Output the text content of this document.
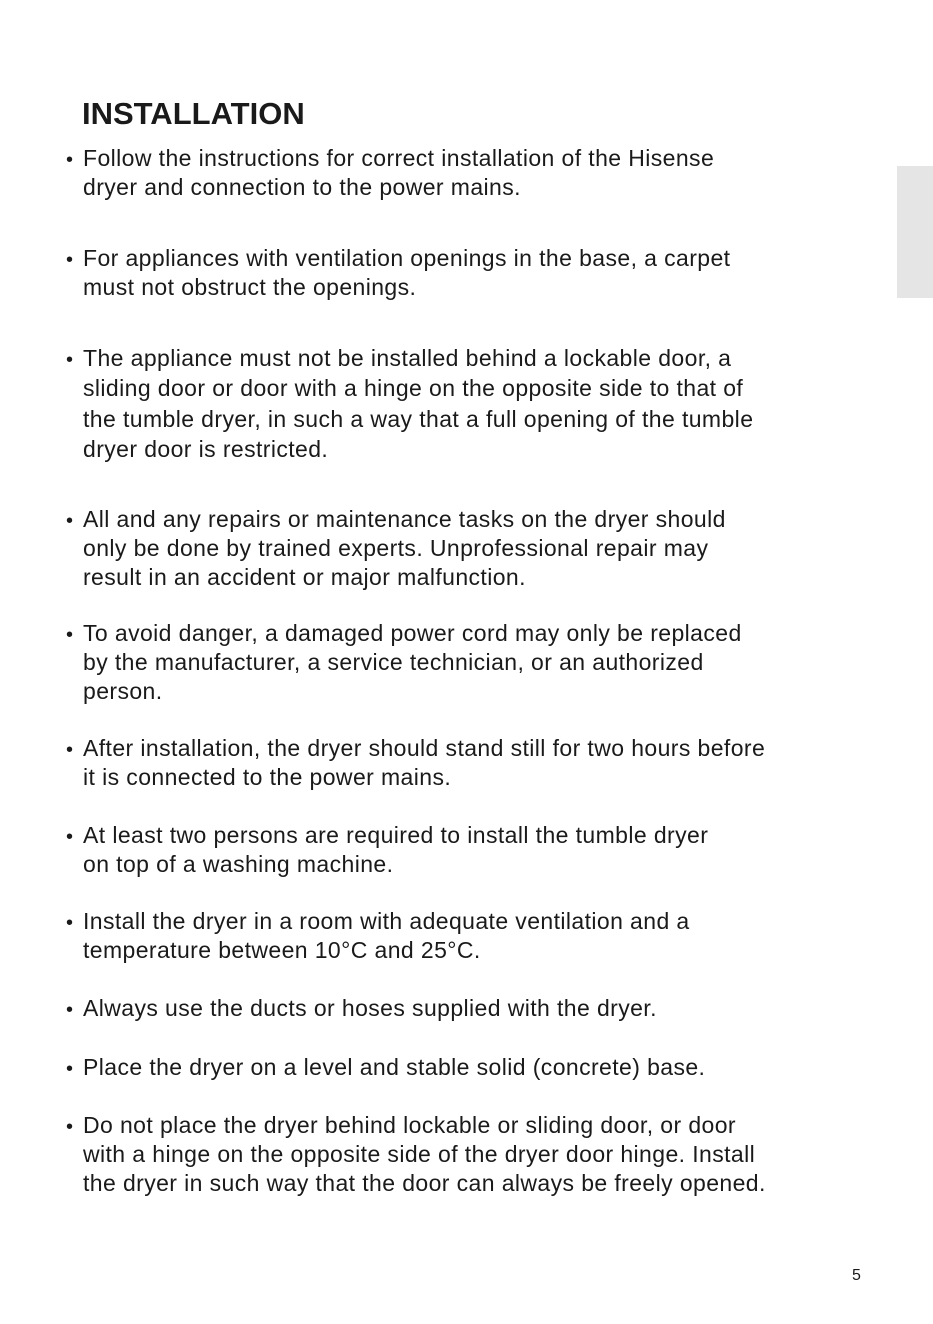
INSTALLATION
• Follow the instructions for correct installation of the Hisense
dryer and connection to the power mains.
• For appliances with ventilation openings in the base, a carpet
must not obstruct the openings.
• The appliance must not be installed behind a lockable door, a
sliding door or door with a hinge on the opposite side to that of
the tumble dryer, in such a way that a full opening of the tumble
dryer door is restricted.
• All and any repairs or maintenance tasks on the dryer should
only be done by trained experts. Unprofessional repair may
result in an accident or major malfunction.
• To avoid danger, a damaged power cord may only be replaced
by the manufacturer, a service technician, or an authorized
person.
• After installation, the dryer should stand still for two hours before
it is connected to the power mains.
• At least two persons are required to install the tumble dryer
on top of a washing machine.
• Install the dryer in a room with adequate ventilation and a
temperature between 10°C and 25°C.
• Always use the ducts or hoses supplied with the dryer.
• Place the dryer on a level and stable solid (concrete) base.
• Do not place the dryer behind lockable or sliding door, or door
with a hinge on the opposite side of the dryer door hinge. Install
the dryer in such way that the door can always be freely opened.
5
